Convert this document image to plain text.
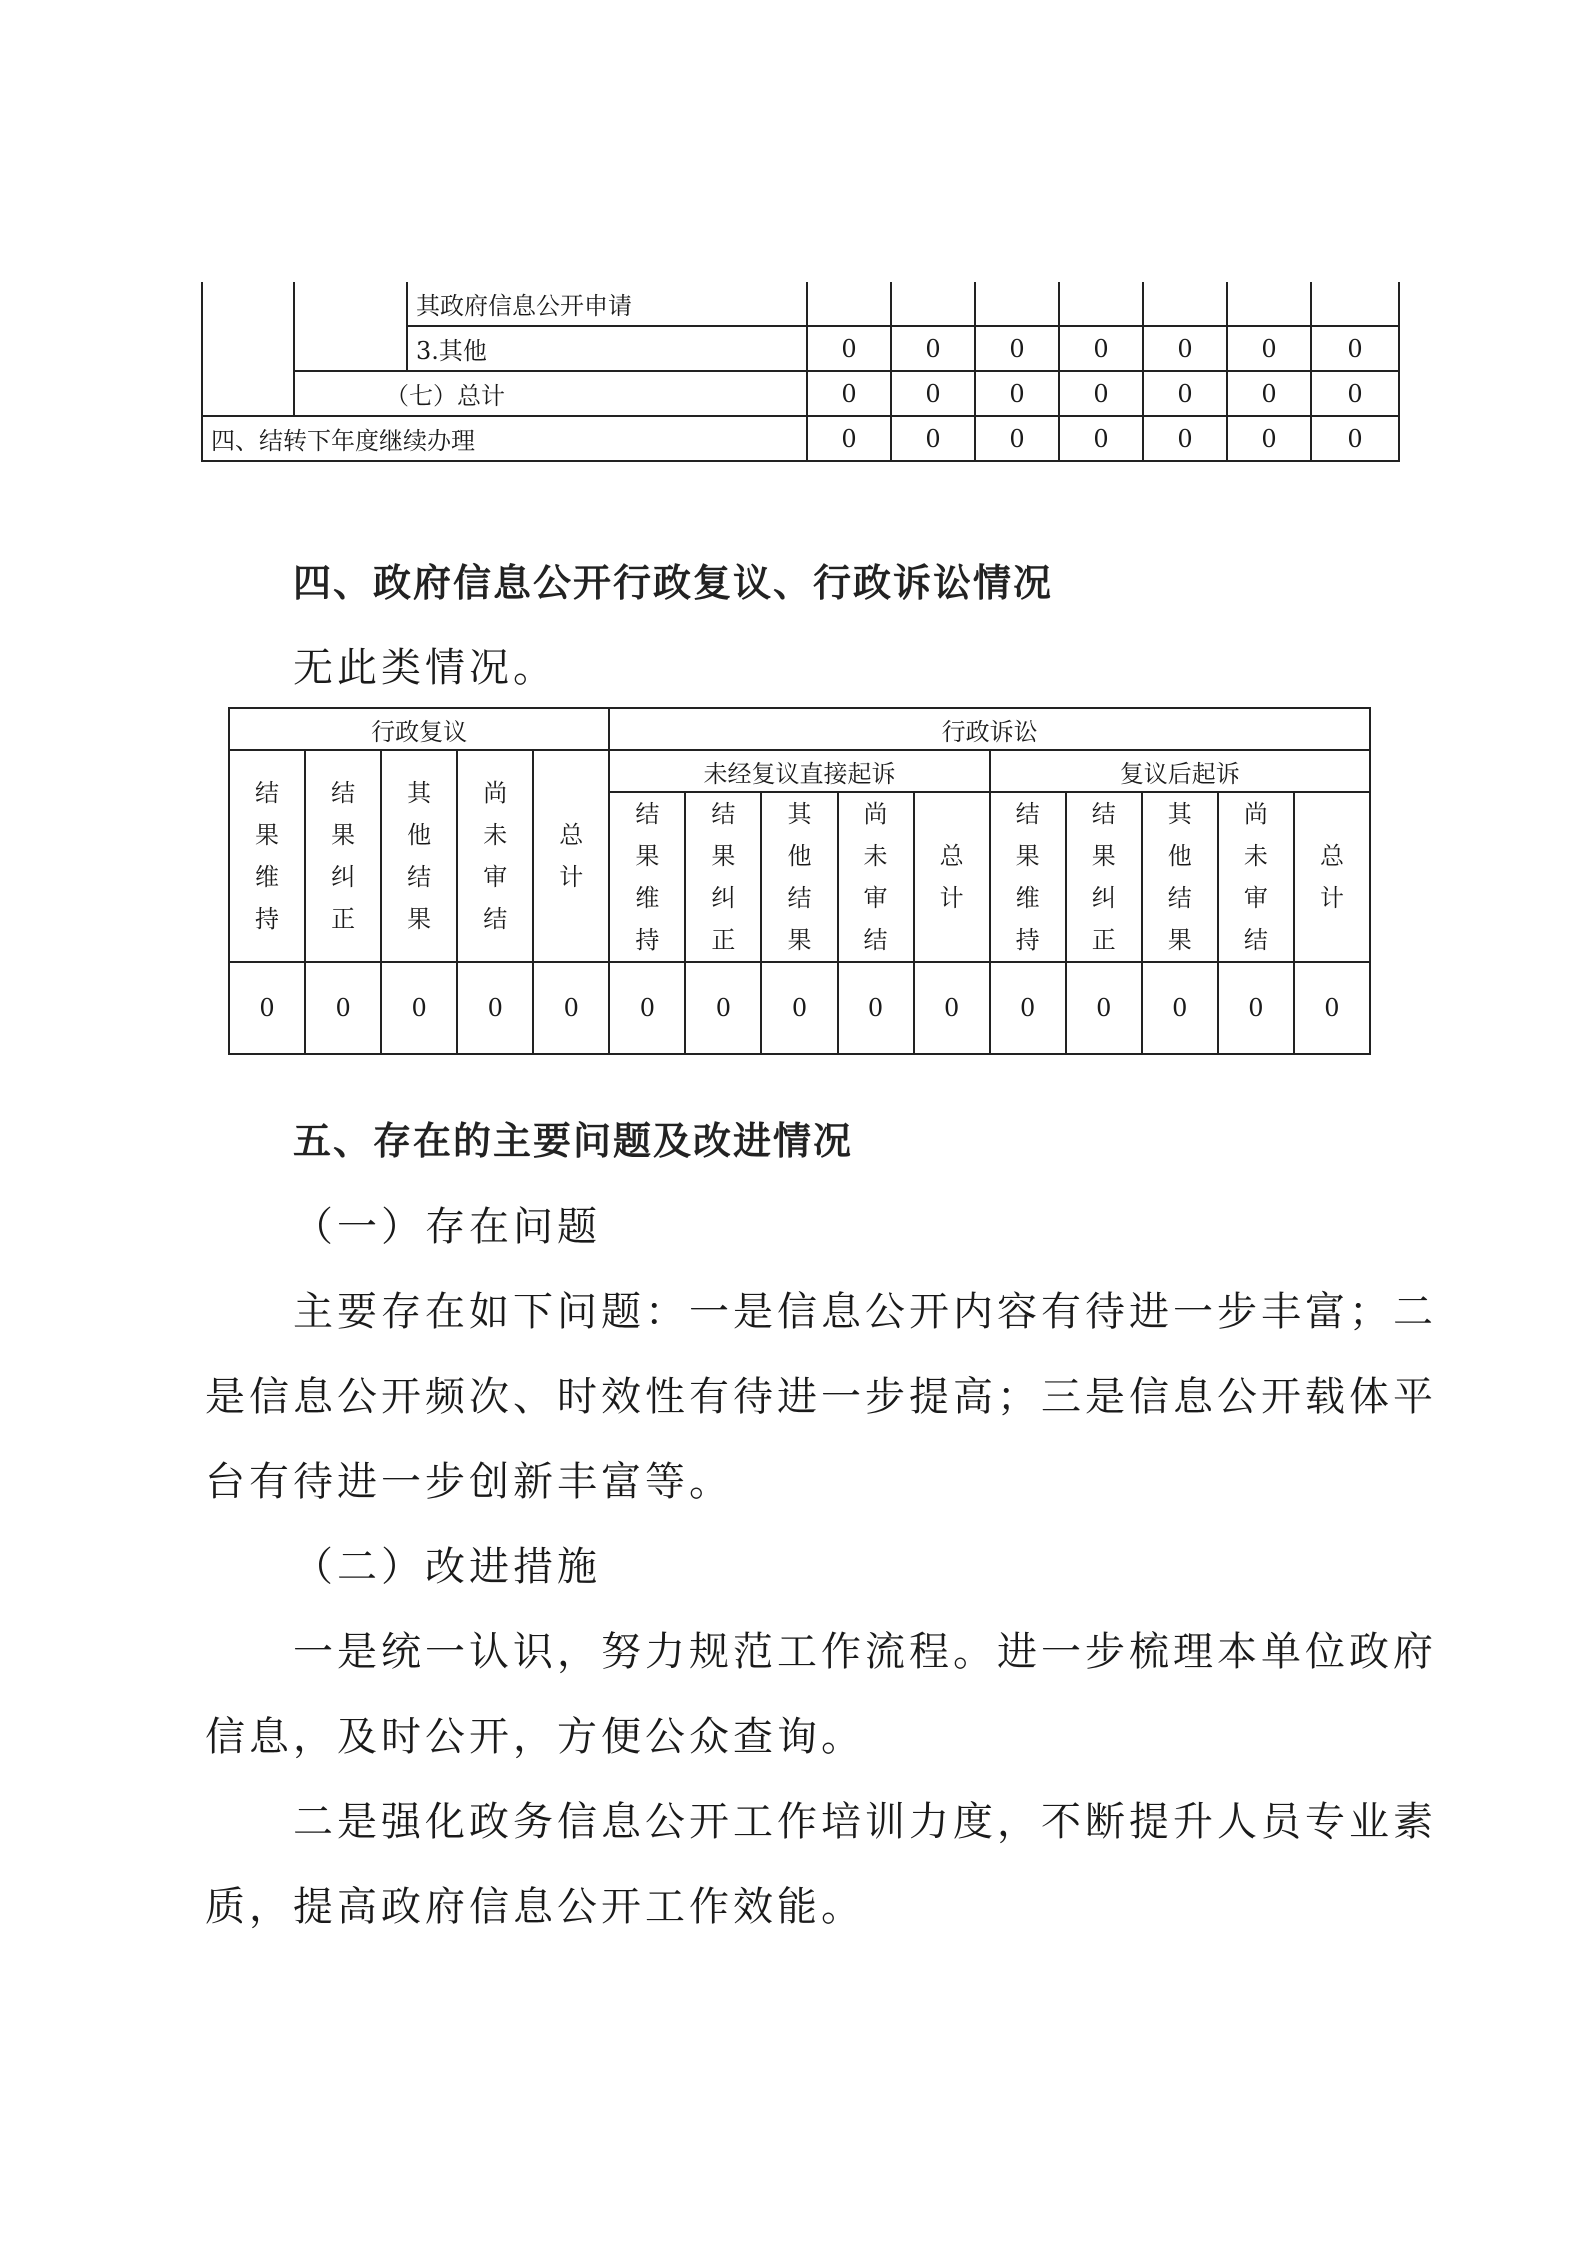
		其政府信息公开申请							
		3.其他	0	0	0	0	0	0	0
	（七）总计		0	0	0	0	0	0	0
四、结转下年度继续办理			0	0	0	0	0	0	0
四、政府信息公开行政复议、行政诉讼情况
无此类情况。
行政复议					行政诉讼									
结果维持	结果纠正	其他结果	尚未审结	总计	未经复议直接起诉					复议后起诉				
					结果维持	结果纠正	其他结果	尚未审结	总计	结果维持	结果纠正	其他结果	尚未审结	总计
0	0	0	0	0	0	0	0	0	0	0	0	0	0	0
五、存在的主要问题及改进情况
（一）存在问题
主要存在如下问题：一是信息公开内容有待进一步丰富；二
是信息公开频次、时效性有待进一步提高；三是信息公开载体平
台有待进一步创新丰富等。
（二）改进措施
一是统一认识，努力规范工作流程。进一步梳理本单位政府
信息，及时公开，方便公众查询。
二是强化政务信息公开工作培训力度，不断提升人员专业素
质，提高政府信息公开工作效能。
